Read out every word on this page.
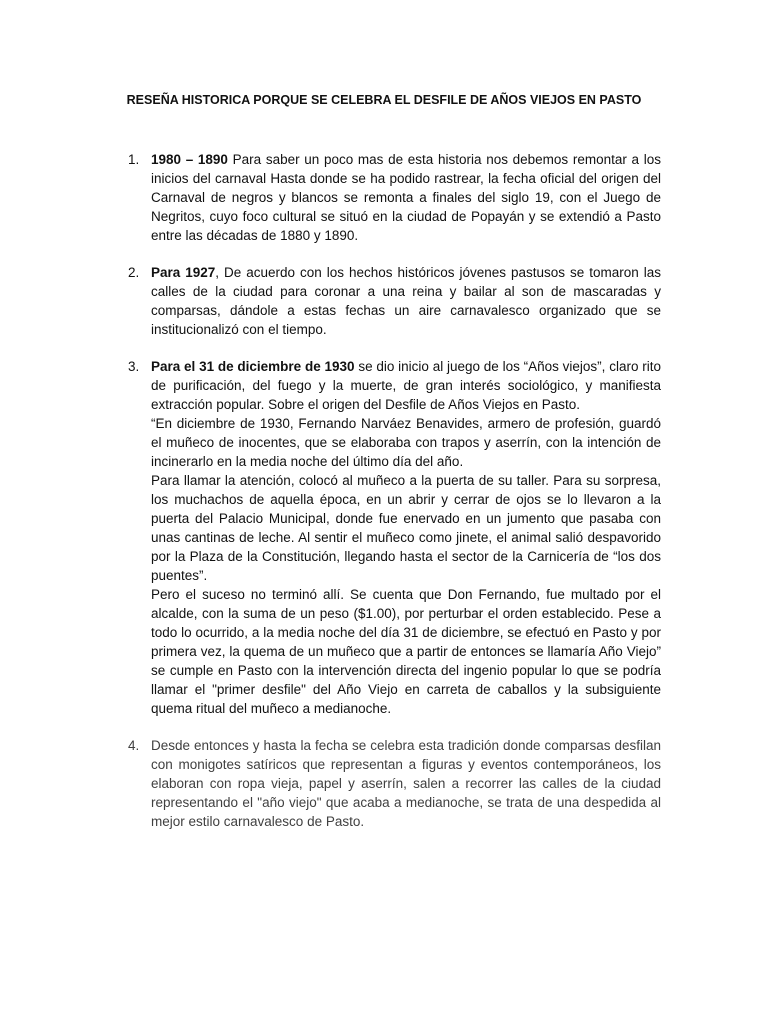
RESEÑA HISTORICA PORQUE SE CELEBRA EL DESFILE DE AÑOS VIEJOS EN PASTO
1. 1980 – 1890 Para saber un poco mas de esta historia nos debemos remontar a los inicios del carnaval Hasta donde se ha podido rastrear, la fecha oficial del origen del Carnaval de negros y blancos se remonta a finales del siglo 19, con el Juego de Negritos, cuyo foco cultural se situó en la ciudad de Popayán y se extendió a Pasto entre las décadas de 1880 y 1890.

2. Para 1927, De acuerdo con los hechos históricos jóvenes pastusos se tomaron las calles de la ciudad para coronar a una reina y bailar al son de mascaradas y comparsas, dándole a estas fechas un aire carnavalesco organizado que se institucionalizó con el tiempo.

3. Para el 31 de diciembre de 1930 se dio inicio al juego de los “Años viejos”, claro rito de purificación, del fuego y la muerte, de gran interés sociológico, y manifiesta extracción popular. Sobre el origen del Desfile de Años Viejos en Pasto.

“En diciembre de 1930, Fernando Narváez Benavides, armero de profesión, guardó el muñeco de inocentes, que se elaboraba con trapos y aserrín, con la intención de incinerarlo en la media noche del último día del año.

Para llamar la atención, colocó al muñeco a la puerta de su taller. Para su sorpresa, los muchachos de aquella época, en un abrir y cerrar de ojos se lo llevaron a la puerta del Palacio Municipal, donde fue enervado en un jumento que pasaba con unas cantinas de leche. Al sentir el muñeco como jinete, el animal salió despavorido por la Plaza de la Constitución, llegando hasta el sector de la Carnicería de “los dos puentes”.

Pero el suceso no terminó allí. Se cuenta que Don Fernando, fue multado por el alcalde, con la suma de un peso ($1.00), por perturbar el orden establecido. Pese a todo lo ocurrido, a la media noche del día 31 de diciembre, se efectuó en Pasto y por primera vez, la quema de un muñeco que a partir de entonces se llamaría Año Viejo” se cumple en Pasto con la intervención directa del ingenio popular lo que se podría llamar el "primer desfile" del Año Viejo en carreta de caballos y la subsiguiente quema ritual del muñeco a medianoche.

4. Desde entonces y hasta la fecha se celebra esta tradición donde comparsas desfilan con monigotes satíricos que representan a figuras y eventos contemporáneos, los elaboran con ropa vieja, papel y aserrín, salen a recorrer las calles de la ciudad representando el "año viejo" que acaba a medianoche, se trata de una despedida al mejor estilo carnavalesco de Pasto.
